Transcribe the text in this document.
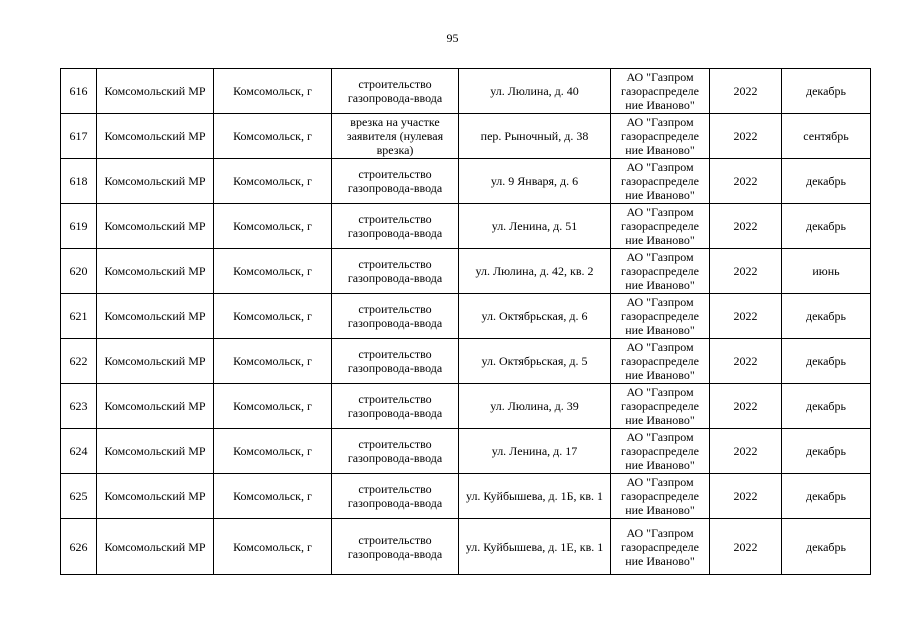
95
616	Комсомольский МР	Комсомольск, г	строительство газопровода-ввода	ул. Люлина, д. 40	АО "Газпром газораспределе ние Иваново"	2022	декабрь
617	Комсомольский МР	Комсомольск, г	врезка на участке заявителя (нулевая врезка)	пер. Рыночный, д. 38	АО "Газпром газораспределе ние Иваново"	2022	сентябрь
618	Комсомольский МР	Комсомольск, г	строительство газопровода-ввода	ул. 9 Января, д. 6	АО "Газпром газораспределе ние Иваново"	2022	декабрь
619	Комсомольский МР	Комсомольск, г	строительство газопровода-ввода	ул. Ленина, д. 51	АО "Газпром газораспределе ние Иваново"	2022	декабрь
620	Комсомольский МР	Комсомольск, г	строительство газопровода-ввода	ул. Люлина, д. 42, кв. 2	АО "Газпром газораспределе ние Иваново"	2022	июнь
621	Комсомольский МР	Комсомольск, г	строительство газопровода-ввода	ул. Октябрьская, д. 6	АО "Газпром газораспределе ние Иваново"	2022	декабрь
622	Комсомольский МР	Комсомольск, г	строительство газопровода-ввода	ул. Октябрьская, д. 5	АО "Газпром газораспределе ние Иваново"	2022	декабрь
623	Комсомольский МР	Комсомольск, г	строительство газопровода-ввода	ул. Люлина, д. 39	АО "Газпром газораспределе ние Иваново"	2022	декабрь
624	Комсомольский МР	Комсомольск, г	строительство газопровода-ввода	ул. Ленина, д. 17	АО "Газпром газораспределе ние Иваново"	2022	декабрь
625	Комсомольский МР	Комсомольск, г	строительство газопровода-ввода	ул. Куйбышева, д. 1Б, кв. 1	АО "Газпром газораспределе ние Иваново"	2022	декабрь
626	Комсомольский МР	Комсомольск, г	строительство газопровода-ввода	ул. Куйбышева, д. 1Е, кв. 1	АО "Газпром газораспределе ние Иваново"	2022	декабрь
